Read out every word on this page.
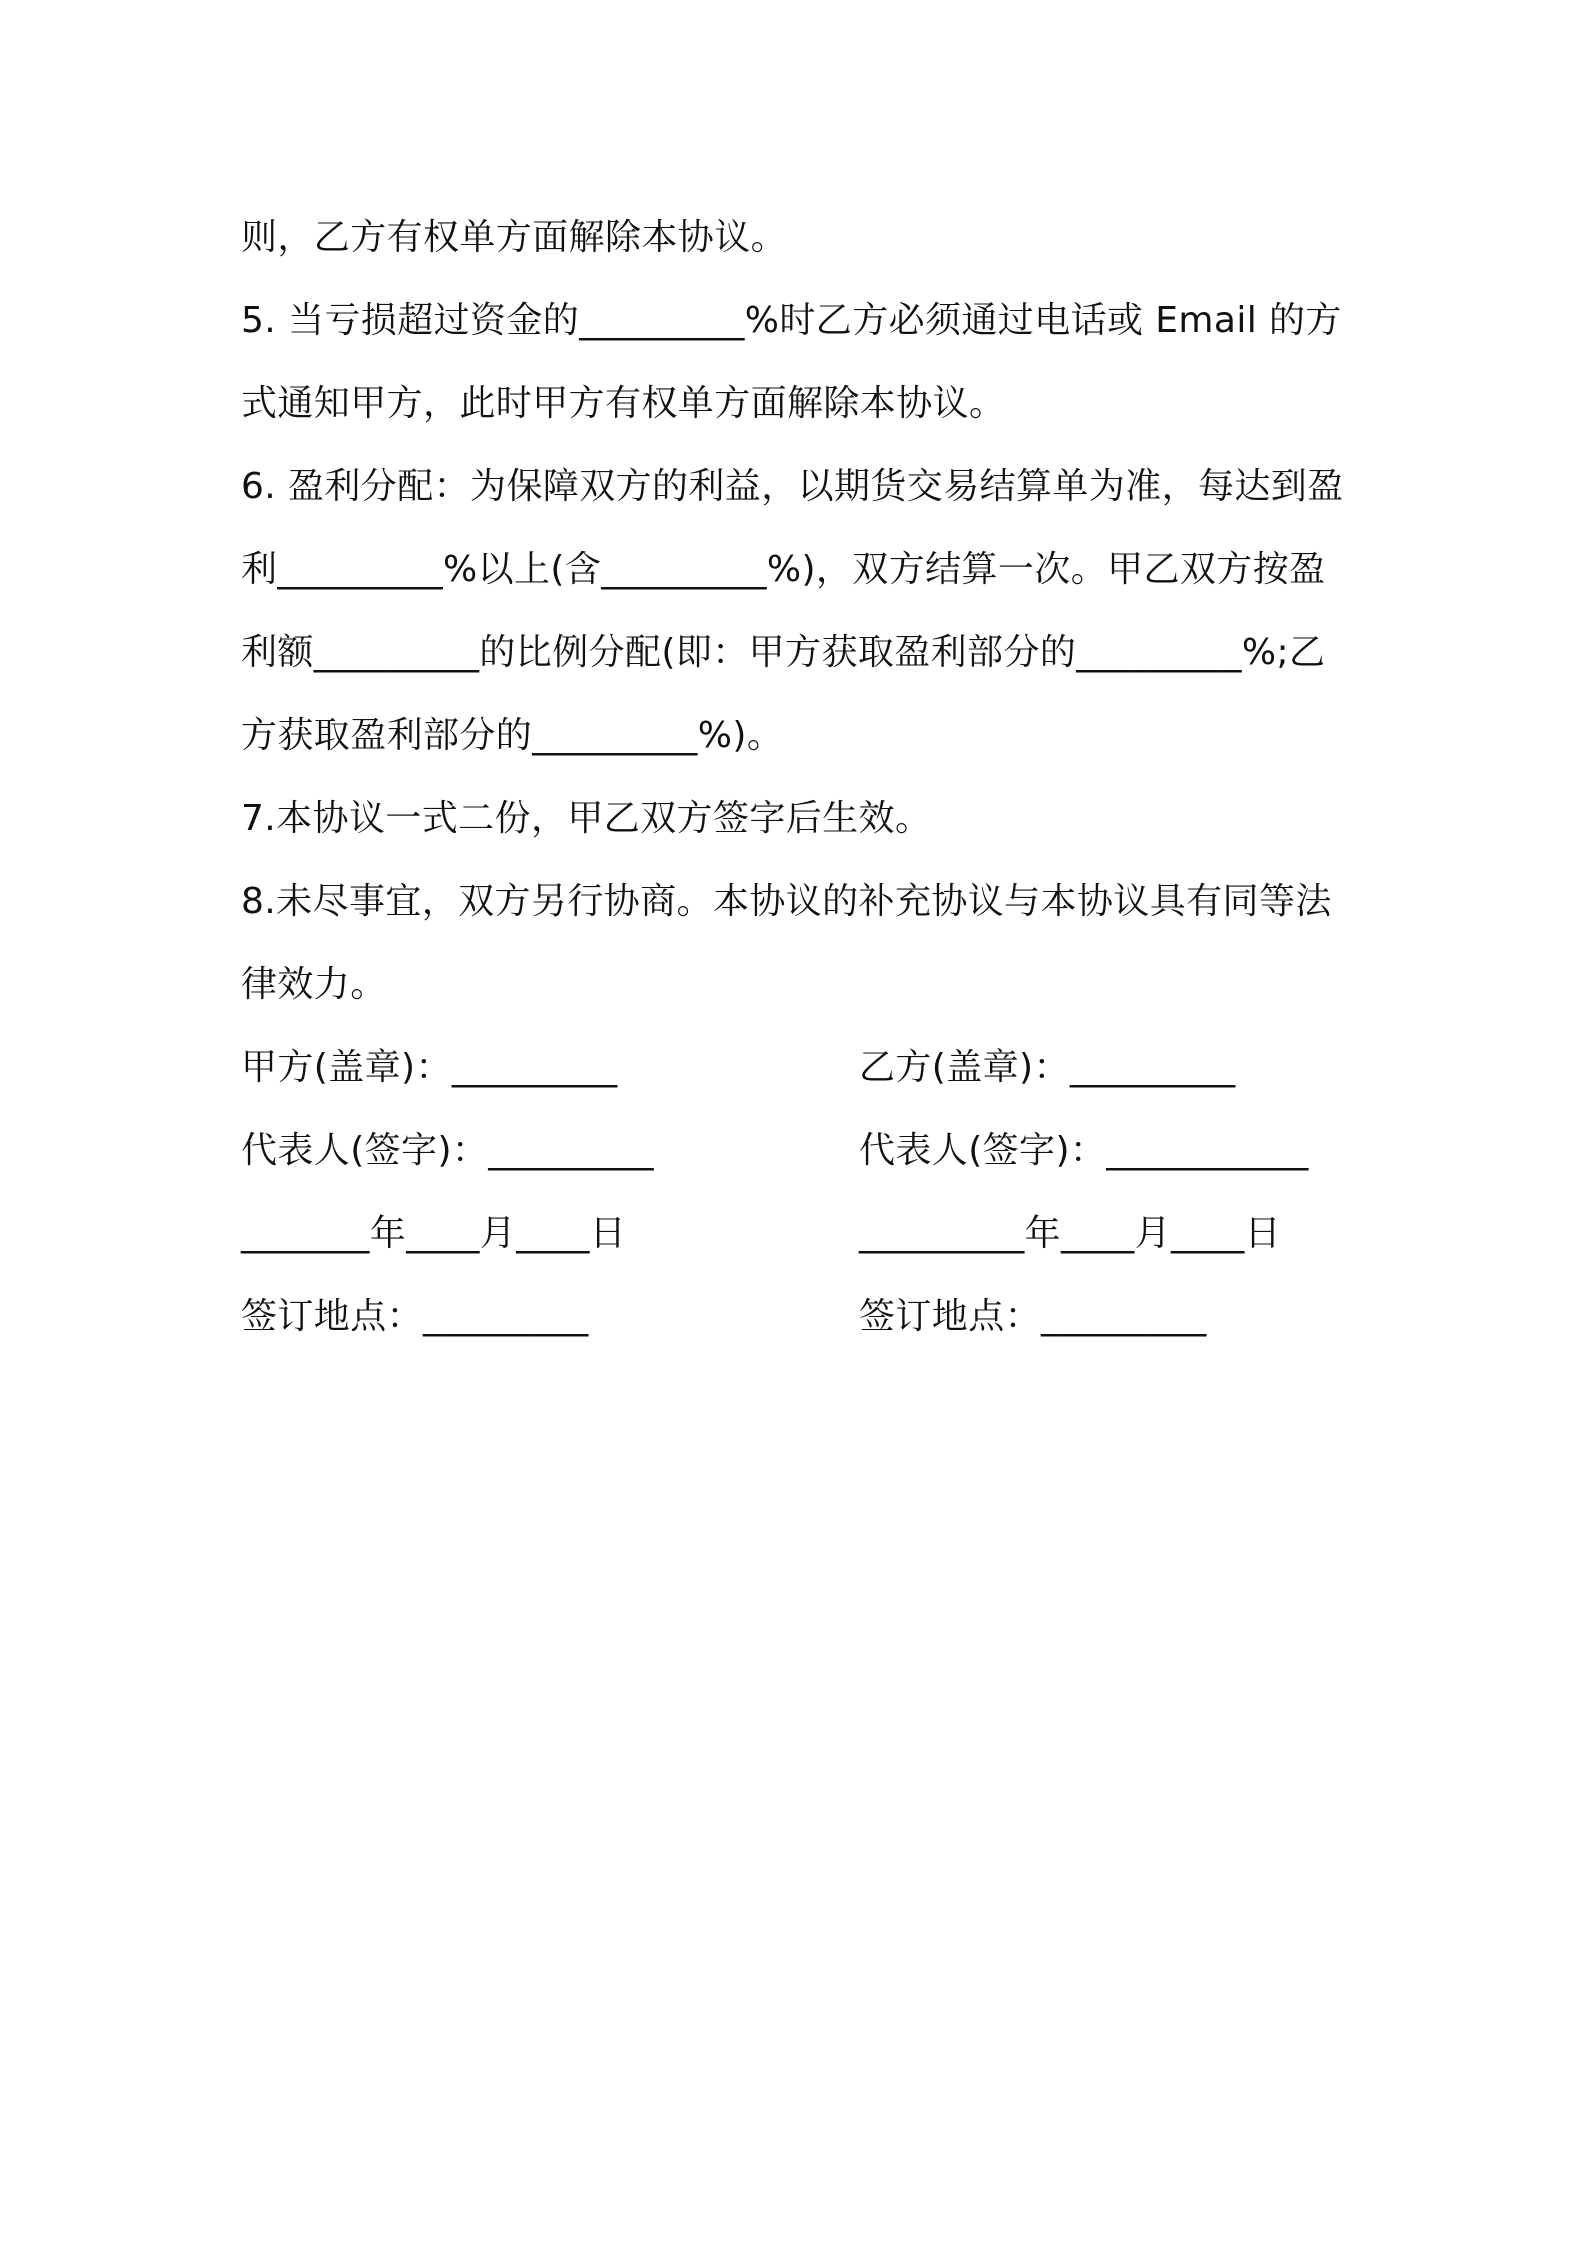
则，乙方有权单方面解除本协议。

5. 当亏损超过资金的_________%时乙方必须通过电话或 Email 的方式通知甲方，此时甲方有权单方面解除本协议。

6. 盈利分配：为保障双方的利益，以期货交易结算单为准，每达到盈利_________%以上(含_________%)，双方结算一次。甲乙双方按盈利额_________的比例分配(即：甲方获取盈利部分的_________%;乙方获取盈利部分的_________%)。

7.本协议一式二份，甲乙双方签字后生效。

8.未尽事宜，双方另行协商。本协议的补充协议与本协议具有同等法律效力。

甲方(盖章)：_________	乙方(盖章)：_________
代表人(签字)：_________	代表人(签字)：___________
_______年____月____日	_________年____月____日
签订地点：_________	签订地点：_________
